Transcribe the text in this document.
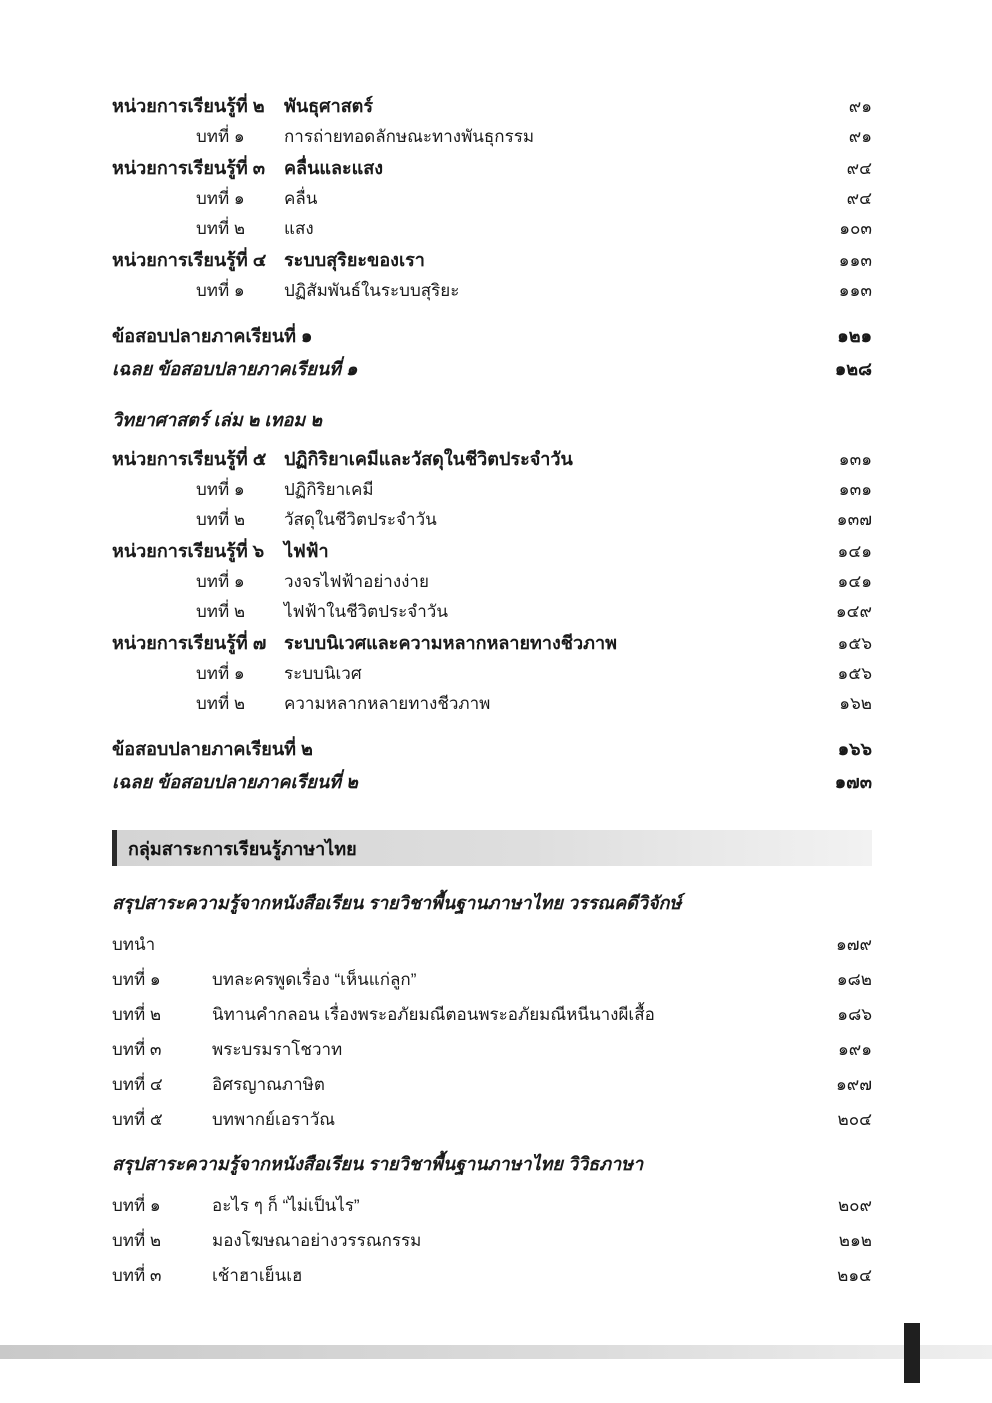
หน่วยการเรียนรู้ที่ ๒	พันธุศาสตร์	๙๑
บทที่ ๑	การถ่ายทอดลักษณะทางพันธุกรรม	๙๑
หน่วยการเรียนรู้ที่ ๓	คลื่นและแสง	๙๔
บทที่ ๑	คลื่น	๙๔
บทที่ ๒	แสง	๑๐๓
หน่วยการเรียนรู้ที่ ๔ ระบบสุริยะของเรา	๑๑๓
บทที่ ๑	ปฏิสัมพันธ์ในระบบสุริยะ	๑๑๓
ข้อสอบปลายภาคเรียนที่ ๑	๑๒๑
เฉลย ข้อสอบปลายภาคเรียนที่ ๑	๑๒๘
วิทยาศาสตร์ เล่ม ๒ เทอม ๒
หน่วยการเรียนรู้ที่ ๕ ปฏิกิริยาเคมีและวัสดุในชีวิตประจำวัน	๑๓๑
บทที่ ๑	ปฏิกิริยาเคมี	๑๓๑
บทที่ ๒	วัสดุในชีวิตประจำวัน	๑๓๗
หน่วยการเรียนรู้ที่ ๖	ไฟฟ้า	๑๔๑
บทที่ ๑	วงจรไฟฟ้าอย่างง่าย	๑๔๑
บทที่ ๒	ไฟฟ้าในชีวิตประจำวัน	๑๔๙
หน่วยการเรียนรู้ที่ ๗ ระบบนิเวศและความหลากหลายทางชีวภาพ	๑๕๖
บทที่ ๑	ระบบนิเวศ	๑๕๖
บทที่ ๒	ความหลากหลายทางชีวภาพ	๑๖๒
ข้อสอบปลายภาคเรียนที่ ๒	๑๖๖
เฉลย ข้อสอบปลายภาคเรียนที่ ๒	๑๗๓
กลุ่มสาระการเรียนรู้ภาษาไทย
สรุปสาระความรู้จากหนังสือเรียน รายวิชาพื้นฐานภาษาไทย วรรณคดีวิจักษ์
บทนำ	๑๗๙
บทที่ ๑	บทละครพูดเรื่อง “เห็นแก่ลูก”	๑๘๒
บทที่ ๒	นิทานคำกลอน เรื่องพระอภัยมณีตอนพระอภัยมณีหนีนางผีเสื้อ	๑๘๖
บทที่ ๓	พระบรมราโชวาท	๑๙๑
บทที่ ๔	อิศรญาณภาษิต	๑๙๗
บทที่ ๕	บทพากย์เอราวัณ	๒๐๔
สรุปสาระความรู้จากหนังสือเรียน รายวิชาพื้นฐานภาษาไทย วิวิธภาษา
บทที่ ๑	อะไร ๆ ก็ “ไม่เป็นไร”	๒๐๙
บทที่ ๒	มองโฆษณาอย่างวรรณกรรม	๒๑๒
บทที่ ๓	เช้าฮาเย็นเฮ	๒๑๔
